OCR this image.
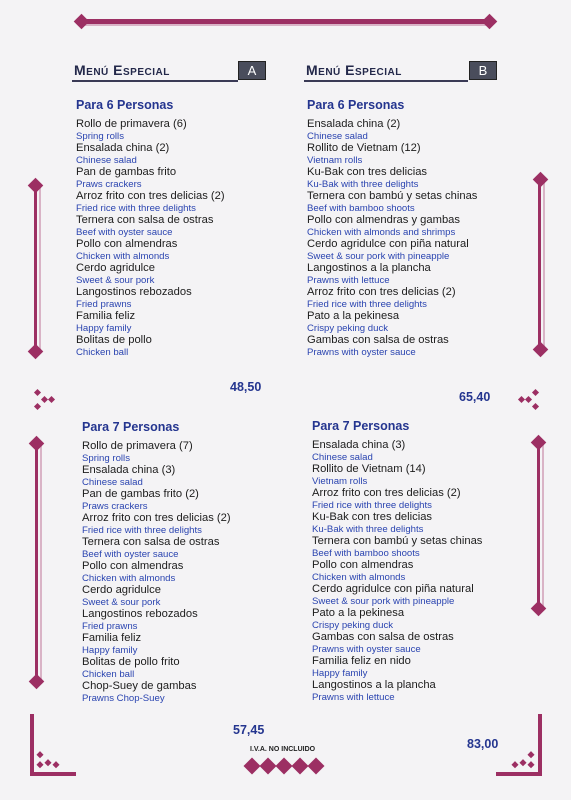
Menú Especial	A	Menú Especial	B
Para 6 Personas
Rollo de primavera (6)
Spring rolls
Ensalada china (2)
Chinese salad
Pan de gambas frito
Praws crackers
Arroz frito con tres delicias (2)
Fried rice with three delights
Ternera con salsa de ostras
Beef with oyster sauce
Pollo con almendras
Chicken with almonds
Cerdo agridulce
Sweet & sour pork
Langostinos rebozados
Fried prawns
Familia feliz
Happy family
Bolitas de pollo
Chicken ball
48,50
Para 7 Personas
Rollo de primavera (7)
Spring rolls
Ensalada china (3)
Chinese salad
Pan de gambas frito (2)
Praws crackers
Arroz frito con tres delicias (2)
Fried rice with three delights
Ternera con salsa de ostras
Beef with oyster sauce
Pollo con almendras
Chicken with almonds
Cerdo agridulce
Sweet & sour pork
Langostinos rebozados
Fried prawns
Familia feliz
Happy family
Bolitas de pollo frito
Chicken ball
Chop-Suey de gambas
Prawns Chop-Suey
57,45
Para 6 Personas
Ensalada china (2)
Chinese salad
Rollito de Vietnam (12)
Vietnam rolls
Ku-Bak con tres delicias
Ku-Bak with three delights
Ternera con bambú y setas chinas
Beef with bamboo shoots
Pollo con almendras y gambas
Chicken with almonds and shrimps
Cerdo agridulce con piña natural
Sweet & sour pork with pineapple
Langostinos a la plancha
Prawns with lettuce
Arroz frito con tres delicias (2)
Fried rice with three delights
Pato a la pekinesa
Crispy peking duck
Gambas con salsa de ostras
Prawns with oyster sauce
65,40
Para 7 Personas
Ensalada china (3)
Chinese salad
Rollito de Vietnam (14)
Vietnam rolls
Arroz frito con tres delicias (2)
Fried rice with three delights
Ku-Bak con tres delicias
Ku-Bak with three delights
Ternera con bambú y setas chinas
Beef with bamboo shoots
Pollo con almendras
Chicken with almonds
Cerdo agridulce con piña natural
Sweet & sour pork with pineapple
Pato a la pekinesa
Crispy peking duck
Gambas con salsa de ostras
Prawns with oyster sauce
Familia feliz en nido
Happy family
Langostinos a la plancha
Prawns with lettuce
83,00
I.V.A. NO INCLUIDO
